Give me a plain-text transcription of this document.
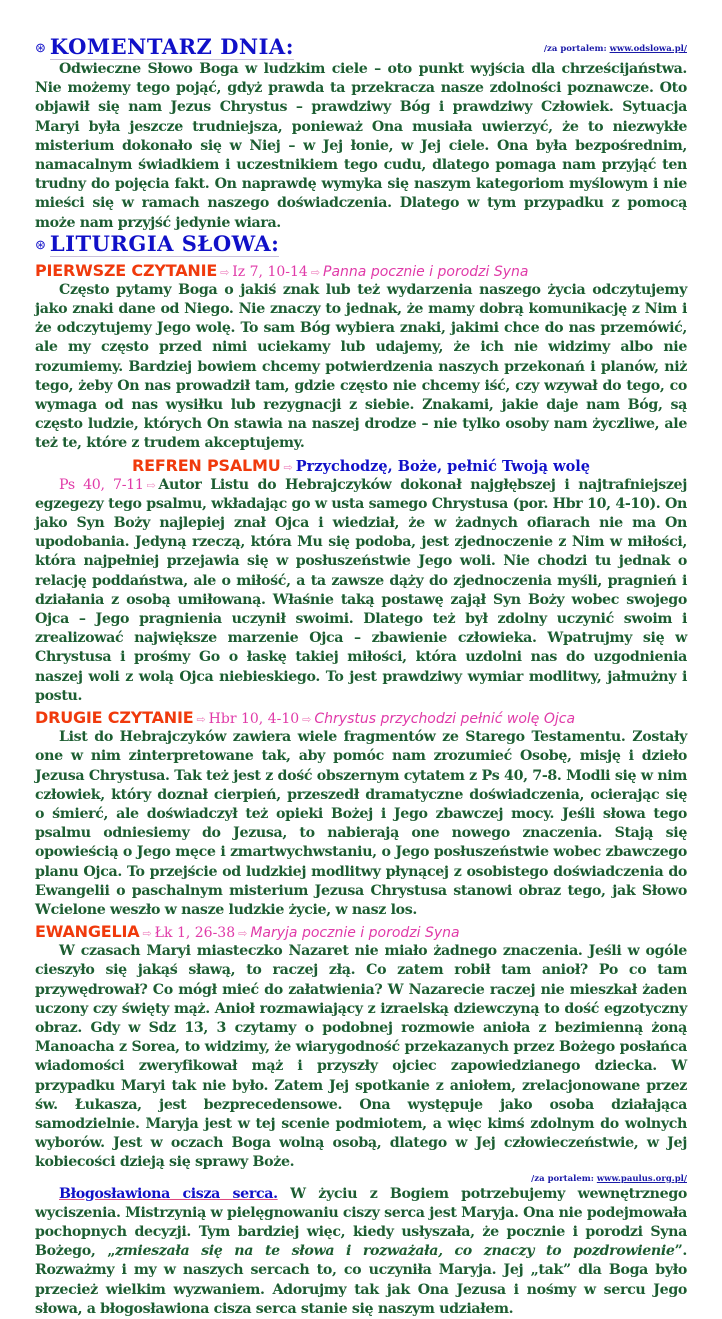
⊛ KOMENTARZ DNIA:	/za portalem: www.odslowa.pl/

Odwieczne Słowo Boga w ludzkim ciele – oto punkt wyjścia dla chrześcijaństwa. Nie możemy tego pojąć, gdyż prawda ta przekracza nasze zdolności poznawcze. Oto objawił się nam Jezus Chrystus – prawdziwy Bóg i prawdziwy Człowiek. Sytuacja Maryi była jeszcze trudniejsza, ponieważ Ona musiała uwierzyć, że to niezwykłe misterium dokonało się w Niej – w Jej łonie, w Jej ciele. Ona była bezpośrednim, namacalnym świadkiem i uczestnikiem tego cudu, dlatego pomaga nam przyjąć ten trudny do pojęcia fakt. On naprawdę wymyka się naszym kategoriom myślowym i nie mieści się w ramach naszego doświadczenia. Dlatego w tym przypadku z pomocą może nam przyjść jedynie wiara.

⊛ LITURGIA SŁOWA:
PIERWSZE CZYTANIE ⇨ Iz 7, 10-14 ⇨ Panna pocznie i porodzi Syna

Często pytamy Boga o jakiś znak lub też wydarzenia naszego życia odczytujemy jako znaki dane od Niego. Nie znaczy to jednak, że mamy dobrą komunikację z Nim i że odczytujemy Jego wolę. To sam Bóg wybiera znaki, jakimi chce do nas przemówić, ale my często przed nimi uciekamy lub udajemy, że ich nie widzimy albo nie rozumiemy. Bardziej bowiem chcemy potwierdzenia naszych przekonań i planów, niż tego, żeby On nas prowadził tam, gdzie często nie chcemy iść, czy wzywał do tego, co wymaga od nas wysiłku lub rezygnacji z siebie. Znakami, jakie daje nam Bóg, są często ludzie, których On stawia na naszej drodze – nie tylko osoby nam życzliwe, ale też te, które z trudem akceptujemy.

REFREN PSALMU ⇨ Przychodzę, Boże, pełnić Twoją wolę

Ps 40, 7-11 ⇨ Autor Listu do Hebrajczyków dokonał najgłębszej i najtrafniejszej egzegezy tego psalmu, wkładając go w usta samego Chrystusa (por. Hbr 10, 4-10). On jako Syn Boży najlepiej znał Ojca i wiedział, że w żadnych ofiarach nie ma On upodobania. Jedyną rzeczą, która Mu się podoba, jest zjednoczenie z Nim w miłości, która najpełniej przejawia się w posłuszeństwie Jego woli. Nie chodzi tu jednak o relację poddaństwa, ale o miłość, a ta zawsze dąży do zjednoczenia myśli, pragnień i działania z osobą umiłowaną. Właśnie taką postawę zajął Syn Boży wobec swojego Ojca – Jego pragnienia uczynił swoimi. Dlatego też był zdolny uczynić swoim i zrealizować największe marzenie Ojca – zbawienie człowieka. Wpatrujmy się w Chrystusa i prośmy Go o łaskę takiej miłości, która uzdolni nas do uzgodnienia naszej woli z wolą Ojca niebieskiego. To jest prawdziwy wymiar modlitwy, jałmużny i postu.

DRUGIE CZYTANIE ⇨ Hbr 10, 4-10 ⇨ Chrystus przychodzi pełnić wolę Ojca

List do Hebrajczyków zawiera wiele fragmentów ze Starego Testamentu. Zostały one w nim zinterpretowane tak, aby pomóc nam zrozumieć Osobę, misję i dzieło Jezusa Chrystusa. Tak też jest z dość obszernym cytatem z Ps 40, 7-8. Modli się w nim człowiek, który doznał cierpień, przeszedł dramatyczne doświadczenia, ocierając się o śmierć, ale doświadczył też opieki Bożej i Jego zbawczej mocy. Jeśli słowa tego psalmu odniesiemy do Jezusa, to nabierają one nowego znaczenia. Stają się opowieścią o Jego męce i zmartwychwstaniu, o Jego posłuszeństwie wobec zbawczego planu Ojca. To przejście od ludzkiej modlitwy płynącej z osobistego doświadczenia do Ewangelii o paschalnym misterium Jezusa Chrystusa stanowi obraz tego, jak Słowo Wcielone weszło w nasze ludzkie życie, w nasz los.

EWANGELIA ⇨ Łk 1, 26-38 ⇨ Maryja pocznie i porodzi Syna

W czasach Maryi miasteczko Nazaret nie miało żadnego znaczenia. Jeśli w ogóle cieszyło się jakąś sławą, to raczej złą. Co zatem robił tam anioł? Po co tam przywędrował? Co mógł mieć do załatwienia? W Nazarecie raczej nie mieszkał żaden uczony czy święty mąż. Anioł rozmawiający z izraelską dziewczyną to dość egzotyczny obraz. Gdy w Sdz 13, 3 czytamy o podobnej rozmowie anioła z bezimienną żoną Manoacha z Sorea, to widzimy, że wiarygodność przekazanych przez Bożego posłańca wiadomości zweryfikował mąż i przyszły ojciec zapowiedzianego dziecka. W przypadku Maryi tak nie było. Zatem Jej spotkanie z aniołem, zrelacjonowane przez św. Łukasza, jest bezprecedensowe. Ona występuje jako osoba działająca samodzielnie. Maryja jest w tej scenie podmiotem, a więc kimś zdolnym do wolnych wyborów. Jest w oczach Boga wolną osobą, dlatego w Jej człowieczeństwie, w Jej kobiecości dzieją się sprawy Boże.

/za portalem: www.paulus.org.pl/

Błogosławiona cisza serca. W życiu z Bogiem potrzebujemy wewnętrznego wyciszenia. Mistrzynią w pielęgnowaniu ciszy serca jest Maryja. Ona nie podejmowała pochopnych decyzji. Tym bardziej więc, kiedy usłyszała, że pocznie i porodzi Syna Bożego, „zmieszała się na te słowa i rozważała, co znaczy to pozdrowienie”. Rozważmy i my w naszych sercach to, co uczyniła Maryja. Jej „tak” dla Boga było przecież wielkim wyzwaniem. Adorujmy tak jak Ona Jezusa i nośmy w sercu Jego słowa, a błogosławiona cisza serca stanie się naszym udziałem.
